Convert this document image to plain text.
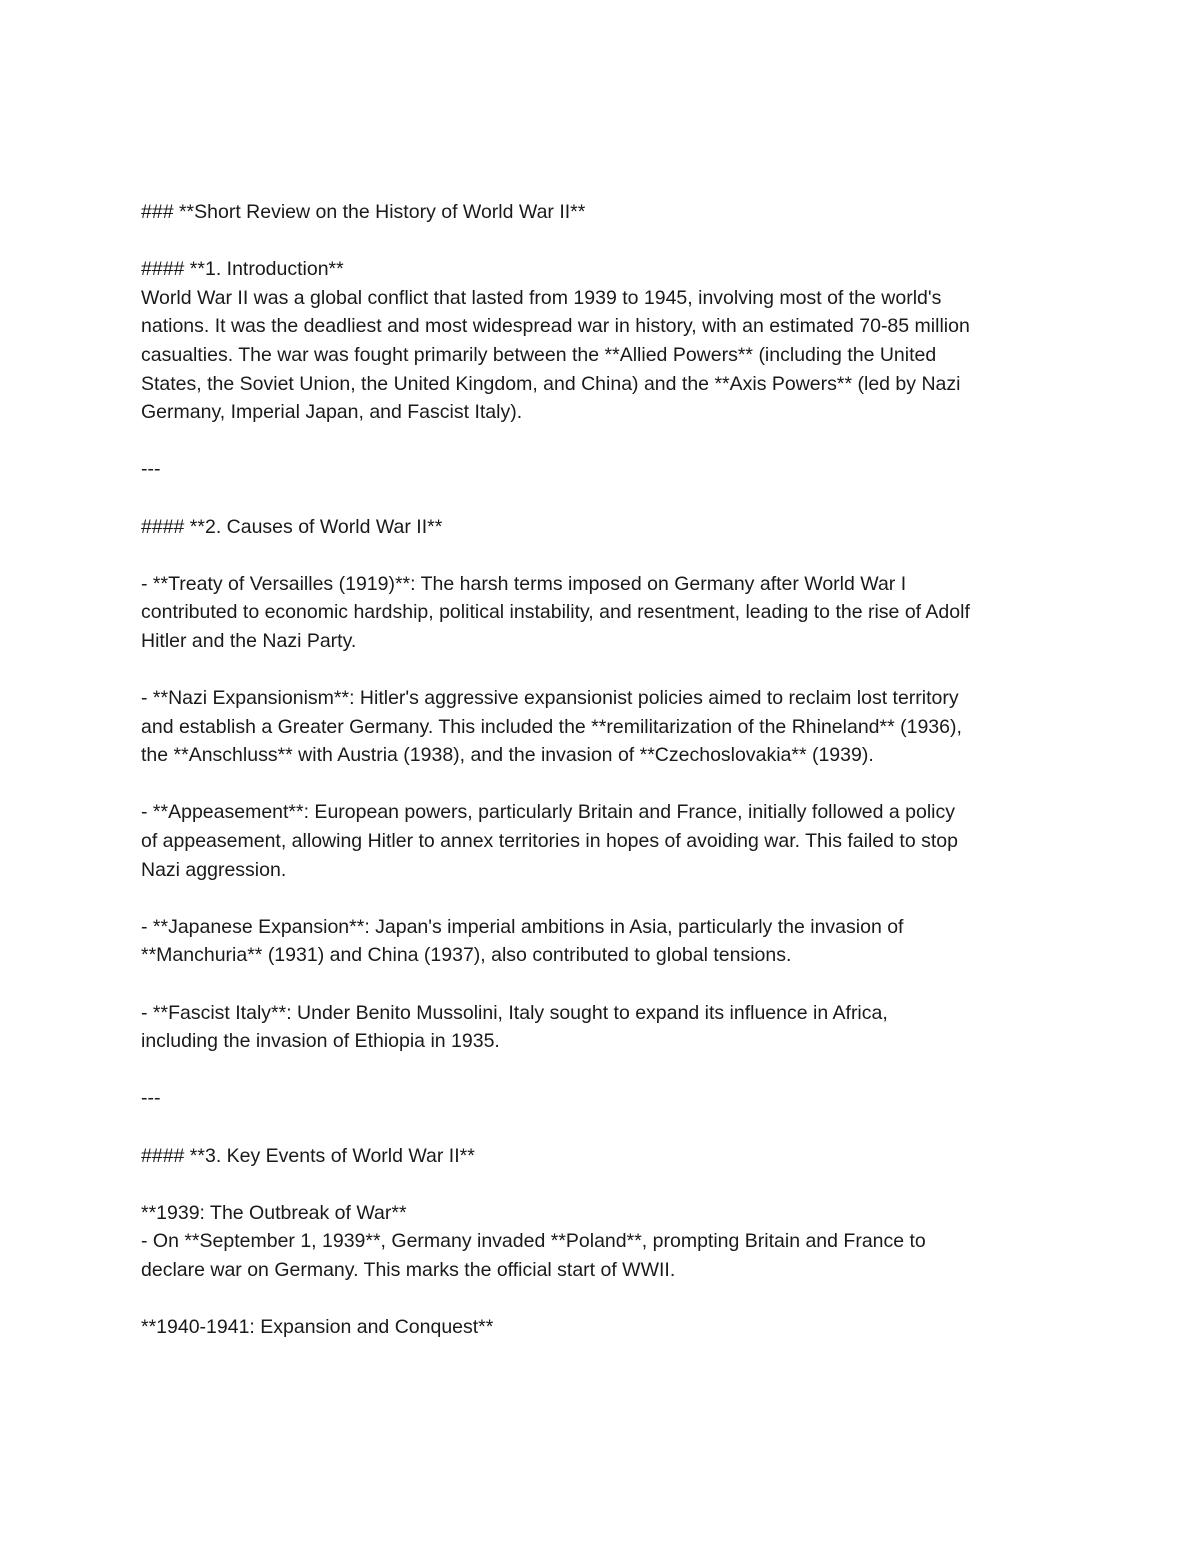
### **Short Review on the History of World War II**
#### **1. Introduction**
World War II was a global conflict that lasted from 1939 to 1945, involving most of the world's
nations. It was the deadliest and most widespread war in history, with an estimated 70-85 million
casualties. The war was fought primarily between the **Allied Powers** (including the United
States, the Soviet Union, the United Kingdom, and China) and the **Axis Powers** (led by Nazi
Germany, Imperial Japan, and Fascist Italy).
---
#### **2. Causes of World War II**
- **Treaty of Versailles (1919)**: The harsh terms imposed on Germany after World War I
contributed to economic hardship, political instability, and resentment, leading to the rise of Adolf
Hitler and the Nazi Party.
- **Nazi Expansionism**: Hitler's aggressive expansionist policies aimed to reclaim lost territory
and establish a Greater Germany. This included the **remilitarization of the Rhineland** (1936),
the **Anschluss** with Austria (1938), and the invasion of **Czechoslovakia** (1939).
- **Appeasement**: European powers, particularly Britain and France, initially followed a policy
of appeasement, allowing Hitler to annex territories in hopes of avoiding war. This failed to stop
Nazi aggression.
- **Japanese Expansion**: Japan's imperial ambitions in Asia, particularly the invasion of
**Manchuria** (1931) and China (1937), also contributed to global tensions.
- **Fascist Italy**: Under Benito Mussolini, Italy sought to expand its influence in Africa,
including the invasion of Ethiopia in 1935.
---
#### **3. Key Events of World War II**
**1939: The Outbreak of War**
- On **September 1, 1939**, Germany invaded **Poland**, prompting Britain and France to
declare war on Germany. This marks the official start of WWII.
**1940-1941: Expansion and Conquest**
